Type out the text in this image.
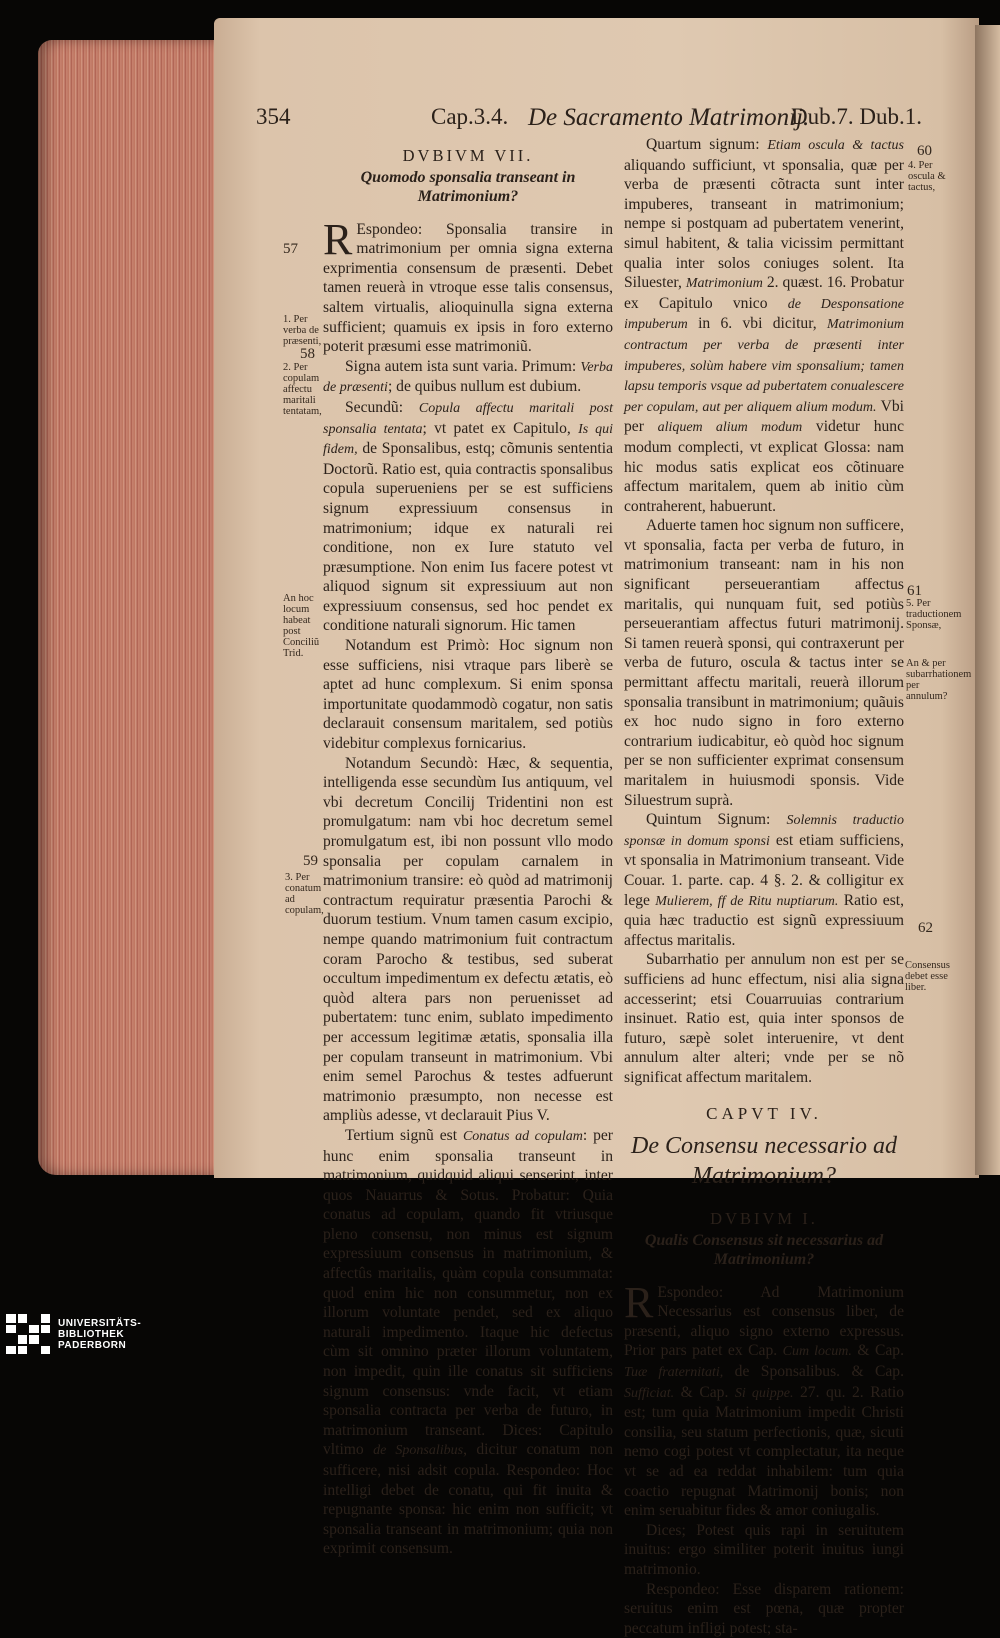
354	Cap.3.4. De Sacramento Matrimonij.
Dub.7. Dub.1.
DVBIVM VII.
Quomodo sponsalia transeant in Matrimonium?

R Espondeo: Sponsalia transire in matrimonium per omnia signa externa exprimentia consensum de præsenti. Debet tamen reuerà in vtroque esse talis consensus, saltem virtualis, alioquinulla signa externa sufficient; quamuis ex ipsis in foro externo poterit præsumi esse matrimoniũ.

Signa autem ista sunt varia. Primum: Verba de præsenti; de quibus nullum est dubium.

Secundũ: Copula affectu maritali post sponsalia tentata; vt patet ex Capitulo, Is qui fidem, de Sponsalibus, estq; cõmunis sententia Doctorũ. Ratio est, quia contractis sponsalibus copula superueniens per se est sufficiens signum expressiuum consensus in matrimonium; idque ex naturali rei conditione, non ex Iure statuto vel præsumptione. Non enim Ius facere potest vt aliquod signum sit expressiuum aut non expressiuum consensus, sed hoc pendet ex conditione naturali signorum. Hic tamen

Notandum est Primò: Hoc signum non esse sufficiens, nisi vtraque pars liberè se aptet ad hunc complexum. Si enim sponsa importunitate quodammodò cogatur, non satis declarauit consensum maritalem, sed potiùs videbitur complexus fornicarius.

Notandum Secundò: Hæc, & sequentia, intelligenda esse secundùm Ius antiquum, vel vbi decretum Concilij Tridentini non est promulgatum: nam vbi hoc decretum semel promulgatum est, ibi non possunt vllo modo sponsalia per copulam carnalem in matrimonium transire: eò quòd ad matrimonij contractum requiratur præsentia Parochi & duorum testium. Vnum tamen casum excipio, nempe quando matrimonium fuit contractum coram Parocho & testibus, sed suberat occultum impedimentum ex defectu ætatis, eò quòd altera pars non peruenisset ad pubertatem: tunc enim, sublato impedimento per accessum legitimæ ætatis, sponsalia illa per copulam transeunt in matrimonium. Vbi enim semel Parochus & testes adfuerunt matrimonio præsumpto, non necesse est ampliùs adesse, vt declarauit Pius V.

Tertium signũ est Conatus ad copulam: per hunc enim sponsalia transeunt in matrimonium, quidquid aliqui senserint, inter quos Nauarrus & Sotus. Probatur: Quia conatus ad copulam, quando fit vtriusque pleno consensu, non minus est signum expressiuum consensus in matrimonium, & affectûs maritalis, quàm copula consummata: quod enim hic non consummetur, non ex illorum voluntate pendet, sed ex aliquo naturali impedimento. Itaque hic defectus cùm sit omnino præter illorum voluntatem, non impedit, quin ille conatus sit sufficiens signum consensus: vnde facit, vt etiam sponsalia contracta per verba de futuro, in matrimonium transeant. Dices: Capitulo vltimo de Sponsalibus, dicitur conatum non sufficere, nisi adsit copula. Respondeo: Hoc intelligi debet de conatu, qui fit inuita & repugnante sponsa: hic enim non sufficit; vt sponsalia transeant in matrimonium; quia non exprimit consensum.

Quartum signum: Etiam oscula & tactus aliquando sufficiunt, vt sponsalia, quæ per verba de præsenti cõtracta sunt inter impuberes, transeant in matrimonium; nempe si postquam ad pubertatem venerint, simul habitent, & talia vicissim permittant qualia inter solos coniuges solent. Ita Siluester, Matrimonium 2. quæst. 16. Probatur ex Capitulo vnico de Desponsatione impuberum in 6. vbi dicitur, Matrimonium contractum per verba de præsenti inter impuberes, solùm habere vim sponsalium; tamen lapsu temporis vsque ad pubertatem conualescere per copulam, aut per aliquem alium modum. Vbi per aliquem alium modum videtur hunc modum complecti, vt explicat Glossa: nam hic modus satis explicat eos cõtinuare affectum maritalem, quem ab initio cùm contraherent, habuerunt.

Aduerte tamen hoc signum non sufficere, vt sponsalia, facta per verba de futuro, in matrimonium transeant: nam in his non significant perseuerantiam affectus maritalis, qui nunquam fuit, sed potiùs perseuerantiam affectus futuri matrimonij. Si tamen reuerà sponsi, qui contraxerunt per verba de futuro, oscula & tactus inter se permittant affectu maritali, reuerà illorum sponsalia transibunt in matrimonium; quãuis ex hoc nudo signo in foro externo contrarium iudicabitur, eò quòd hoc signum per se non sufficienter exprimat consensum maritalem in huiusmodi sponsis. Vide Siluestrum suprà.

Quintum Signum: Solemnis traductio sponsæ in domum sponsi est etiam sufficiens, vt sponsalia in Matrimonium transeant. Vide Couar. 1. parte. cap. 4 §. 2. & colligitur ex lege Mulierem, ff de Ritu nuptiarum. Ratio est, quia hæc traductio est signũ expressiuum affectus maritalis.

Subarrhatio per annulum non est per se sufficiens ad hunc effectum, nisi alia signa accesserint; etsi Couarruuias contrarium insinuet. Ratio est, quia inter sponsos de futuro, sæpè solet interuenire, vt dent annulum alter alteri; vnde per se nõ significat affectum maritalem.

CAPVT IV.
De Consensu necessario ad Matrimonium?
DVBIVM I.
Qualis Consensus sit necessarius ad Matrimonium?

R Espondeo: Ad Matrimonium Necessarius est consensus liber, de præsenti, aliquo signo externo expressus. Prior pars patet ex Cap. Cum locum. & Cap. Tuæ fraternitati, de Sponsalibus. & Cap. Sufficiat. & Cap. Si quippe. 27. qu. 2. Ratio est; tum quia Matrimonium impedit Christi consilia, seu statum perfectionis, quæ, sicuti nemo cogi potest vt complectatur, ita neque vt se ad ea reddat inhabilem: tum quia coactio repugnat Matrimonij bonis; non enim seruabitur fides & amor coniugalis.

Dices; Potest quis rapi in seruitutem inuitus: ergo similiter poterit inuitus iungi matrimonio.

Respondeo: Esse disparem rationem: seruitus enim est pœna, quæ propter peccatum infligi potest; sta-

57
1. Per verba de præsenti,
58
2. Per copulam affectu maritali tentatam,
An hoc locum habeat post Conciliũ Trid.
59
3. Per conatum ad copulam,
60
4. Per oscula & tactus,
61
5. Per traductionem Sponsæ,
An & per subarrhationem per annulum?
62
Consensus debet esse liber.
UNIVERSITÄTS-
BIBLIOTHEK
PADERBORN
